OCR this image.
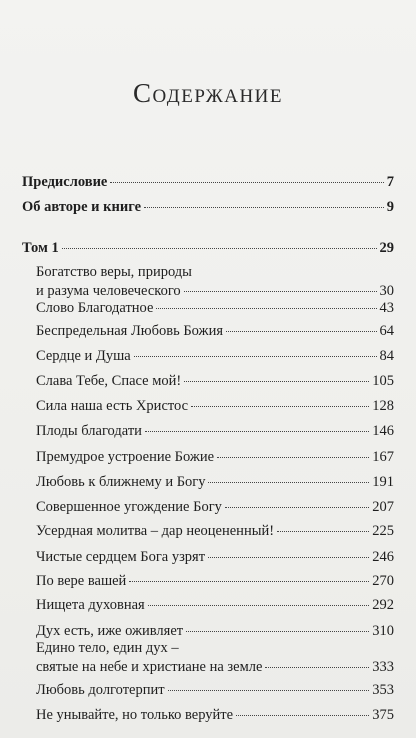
Содержание
Предисловие	7
Об авторе и книге	9
Том 1	29
Богатство веры, природы
и разума человеческого	30
Слово Благодатное	43
Беспредельная Любовь Божия	64
Сердце и Душа	84
Слава Тебе, Спасе мой!	105
Сила наша есть Христос	128
Плоды благодати	146
Премудрое устроение Божие	167
Любовь к ближнему и Богу	191
Совершенное угождение Богу	207
Усердная молитва – дар неоцененный!	225
Чистые сердцем Бога узрят	246
По вере вашей	270
Нищета духовная	292
Дух есть, иже оживляет	310
Едино тело, един дух –
святые на небе и христиане на земле	333
Любовь долготерпит	353
Не унывайте, но только веруйте	375
